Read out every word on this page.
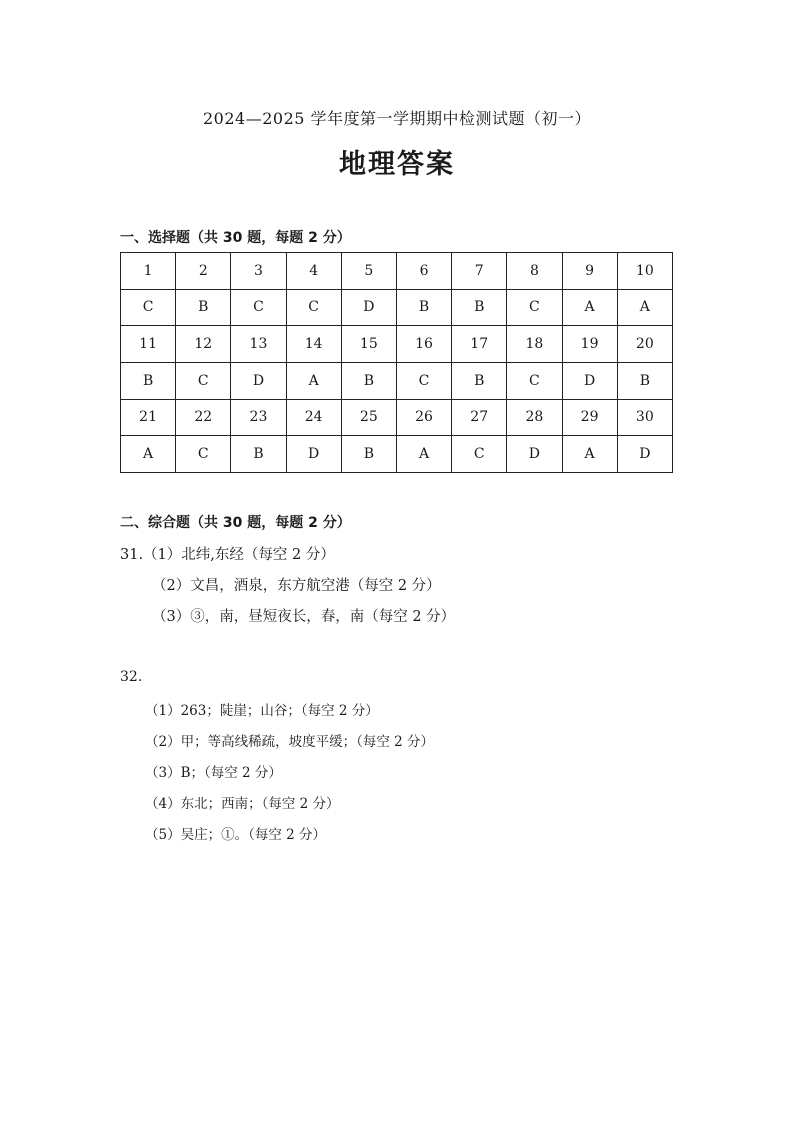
2024—2025 学年度第一学期期中检测试题（初一）
地理答案
一、选择题（共 30 题，每题 2 分）
1	2	3	4	5	6	7	8	9	10
C	B	C	C	D	B	B	C	A	A
11	12	13	14	15	16	17	18	19	20
B	C	D	A	B	C	B	C	D	B
21	22	23	24	25	26	27	28	29	30
A	C	B	D	B	A	C	D	A	D
二、综合题（共 30 题，每题 2 分）
31.（1）北纬,东经（每空 2 分）
（2）文昌，酒泉，东方航空港（每空 2 分）
（3）③，南，昼短夜长，春，南（每空 2 分）
32.
（1）263；陡崖；山谷；（每空 2 分）
（2）甲；等高线稀疏，坡度平缓；（每空 2 分）
（3）B；（每空 2 分）
（4）东北；西南；（每空 2 分）
（5）吴庄；①。（每空 2 分）
